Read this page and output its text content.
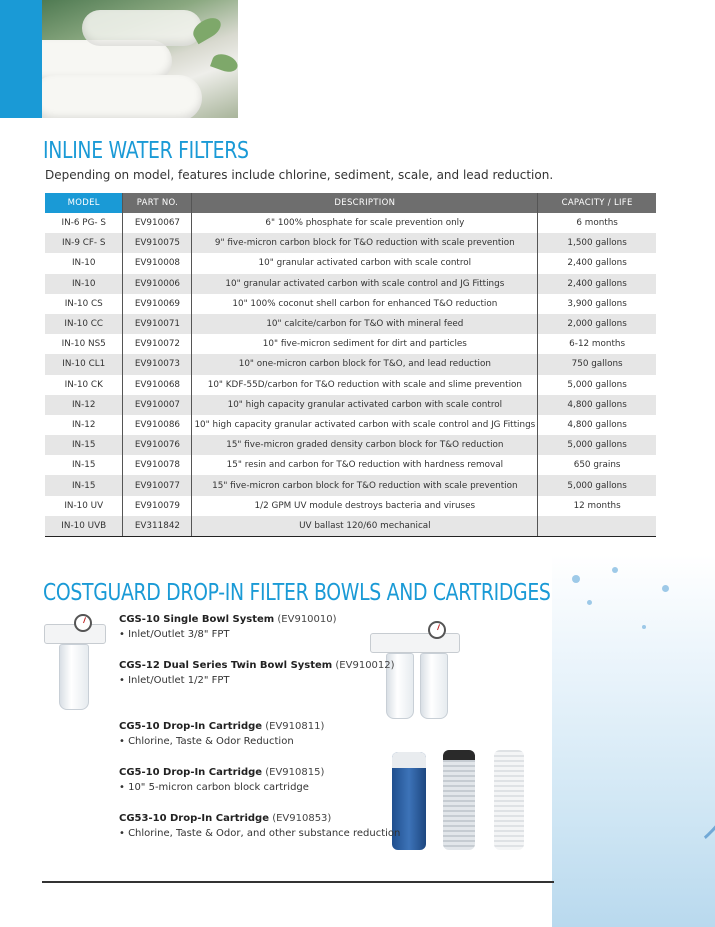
INLINE WATER FILTERS

Depending on model, features include chlorine, sediment, scale, and lead reduction.

MODEL	PART NO.	DESCRIPTION	CAPACITY / LIFE
IN-6 PG- S	EV910067	6" 100% phosphate for scale prevention only	6 months
IN-9 CF- S	EV910075	9" five-micron carbon block for T&O reduction with scale prevention	1,500 gallons
IN-10	EV910008	10" granular activated carbon with scale control	2,400 gallons
IN-10	EV910006	10" granular activated carbon with scale control and JG Fittings	2,400 gallons
IN-10 CS	EV910069	10" 100% coconut shell carbon for enhanced T&O reduction	3,900 gallons
IN-10 CC	EV910071	10" calcite/carbon for T&O with mineral feed	2,000 gallons
IN-10 NS5	EV910072	10" five-micron sediment for dirt and particles	6-12 months
IN-10 CL1	EV910073	10" one-micron carbon block for T&O, and lead reduction	750 gallons
IN-10 CK	EV910068	10" KDF-55D/carbon for T&O reduction with scale and slime prevention	5,000 gallons
IN-12	EV910007	10" high capacity granular activated carbon with scale control	4,800 gallons
IN-12	EV910086	10" high capacity granular activated carbon with scale control and JG Fittings	4,800 gallons
IN-15	EV910076	15" five-micron graded density carbon block for T&O reduction	5,000 gallons
IN-15	EV910078	15" resin and carbon for T&O reduction with hardness removal	650 grains
IN-15	EV910077	15" five-micron carbon block for T&O reduction with scale prevention	5,000 gallons
IN-10 UV	EV910079	1/2 GPM UV module destroys bacteria and viruses	12 months
IN-10 UVB	EV311842	UV ballast 120/60 mechanical	
COSTGUARD DROP-IN FILTER BOWLS AND CARTRIDGES
CGS-10 Single Bowl System (EV910010)
• Inlet/Outlet 3/8" FPT
CGS-12 Dual Series Twin Bowl System (EV910012)
• Inlet/Outlet 1/2" FPT
CG5-10 Drop-In Cartridge (EV910811)
• Chlorine, Taste & Odor Reduction
CG5-10 Drop-In Cartridge (EV910815)
• 10" 5-micron carbon block cartridge
CG53-10 Drop-In Cartridge (EV910853)
• Chlorine, Taste & Odor, and other substance reduction
